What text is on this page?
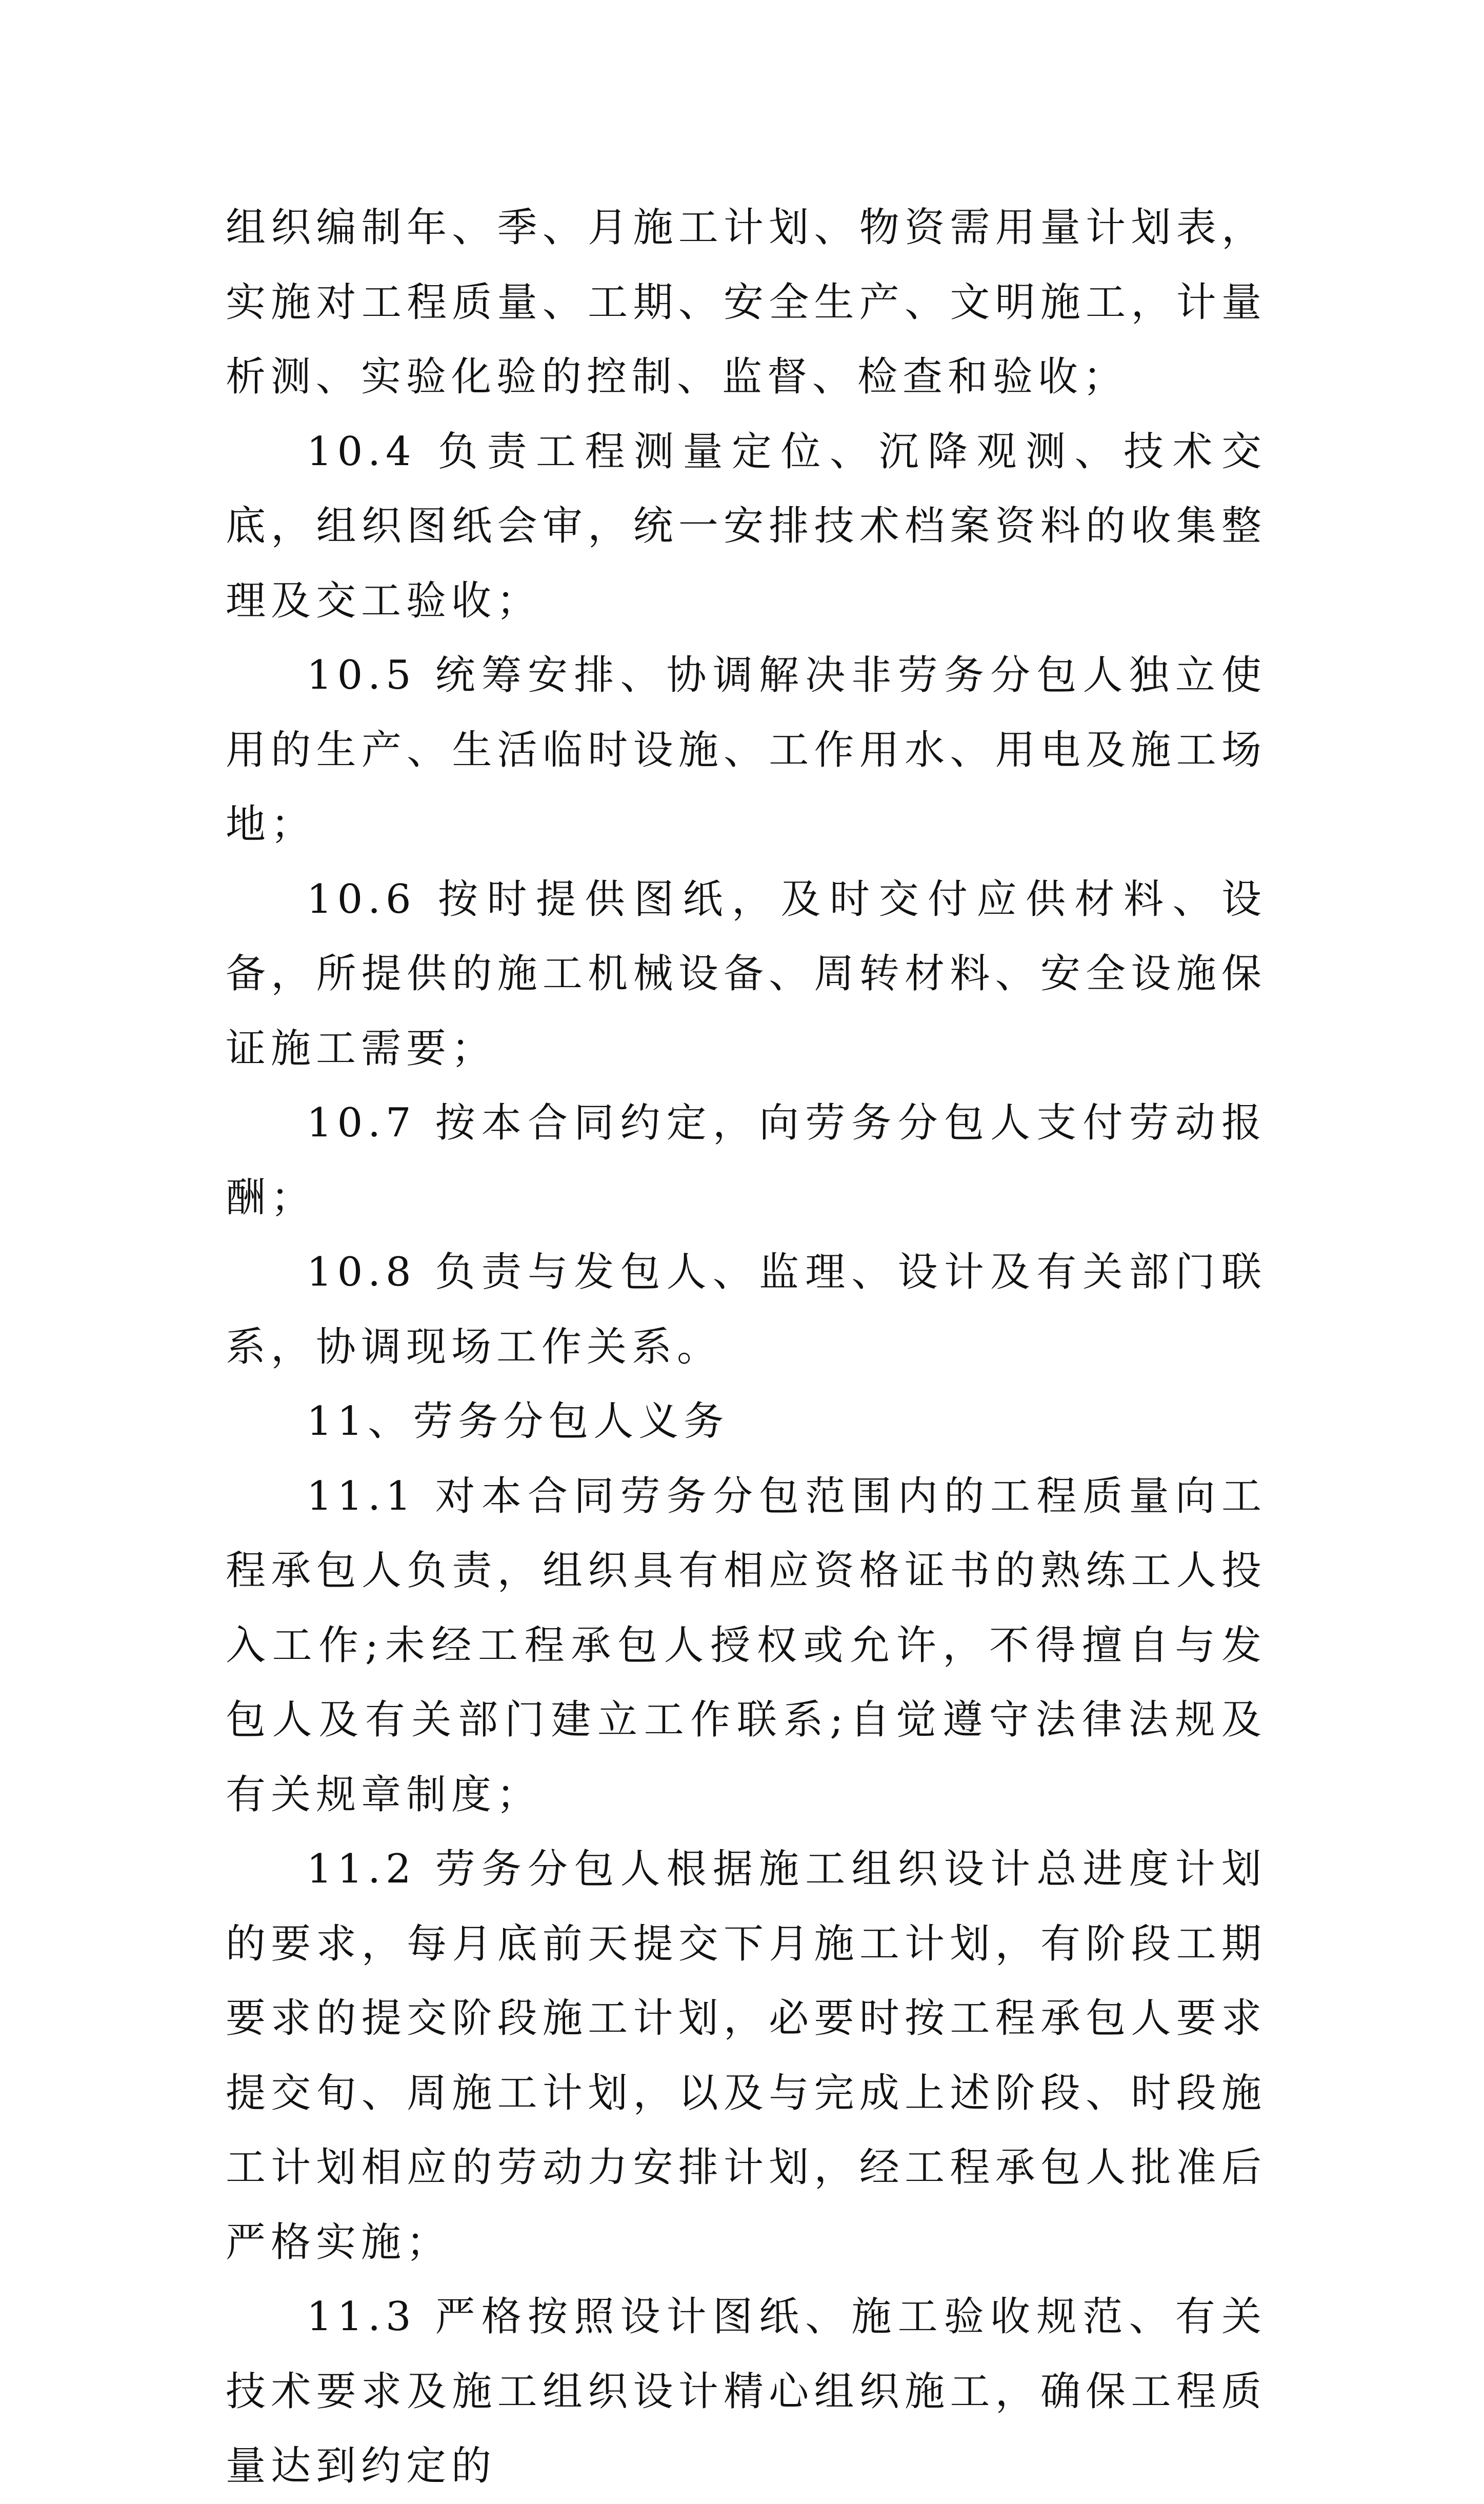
组织编制年、季、月施工计划、物资需用量计划表，实施对工程质量、工期、安全生产、文明施工，计量析测、实验化验的控制、监督、检查和验收；

10.4 负责工程测量定位、沉降观测、技术交底，组织图纸会审，统一安排技术档案资料的收集整理及交工验收；

10.5 统筹安排、协调解决非劳务分包人独立使用的生产、生活临时设施、工作用水、用电及施工场地；

10.6 按时提供图纸，及时交付应供材料、设备，所提供的施工机械设备、周转材料、安全设施保证施工需要；

10.7 按本合同约定，向劳务分包人支付劳动报酬；

10.8 负责与发包人、监理、设计及有关部门联系，协调现场工作关系。

11、劳务分包人义务

11.1 对本合同劳务分包范围内的工程质量向工程承包人负责，组织具有相应资格证书的熟练工人投入工作;未经工程承包人授权或允许，不得擅自与发包人及有关部门建立工作联系;自觉遵守法律法规及有关规章制度；

11.2 劳务分包人根据施工组织设计总进度计划的要求，每月底前天提交下月施工计划，有阶段工期要求的提交阶段施工计划，必要时按工程承包人要求提交旬、周施工计划，以及与完成上述阶段、时段施工计划相应的劳动力安排计划，经工程承包人批准后严格实施；

11.3 严格按照设计图纸、施工验收规范、有关技术要求及施工组织设计精心组织施工，确保工程质量达到约定的
